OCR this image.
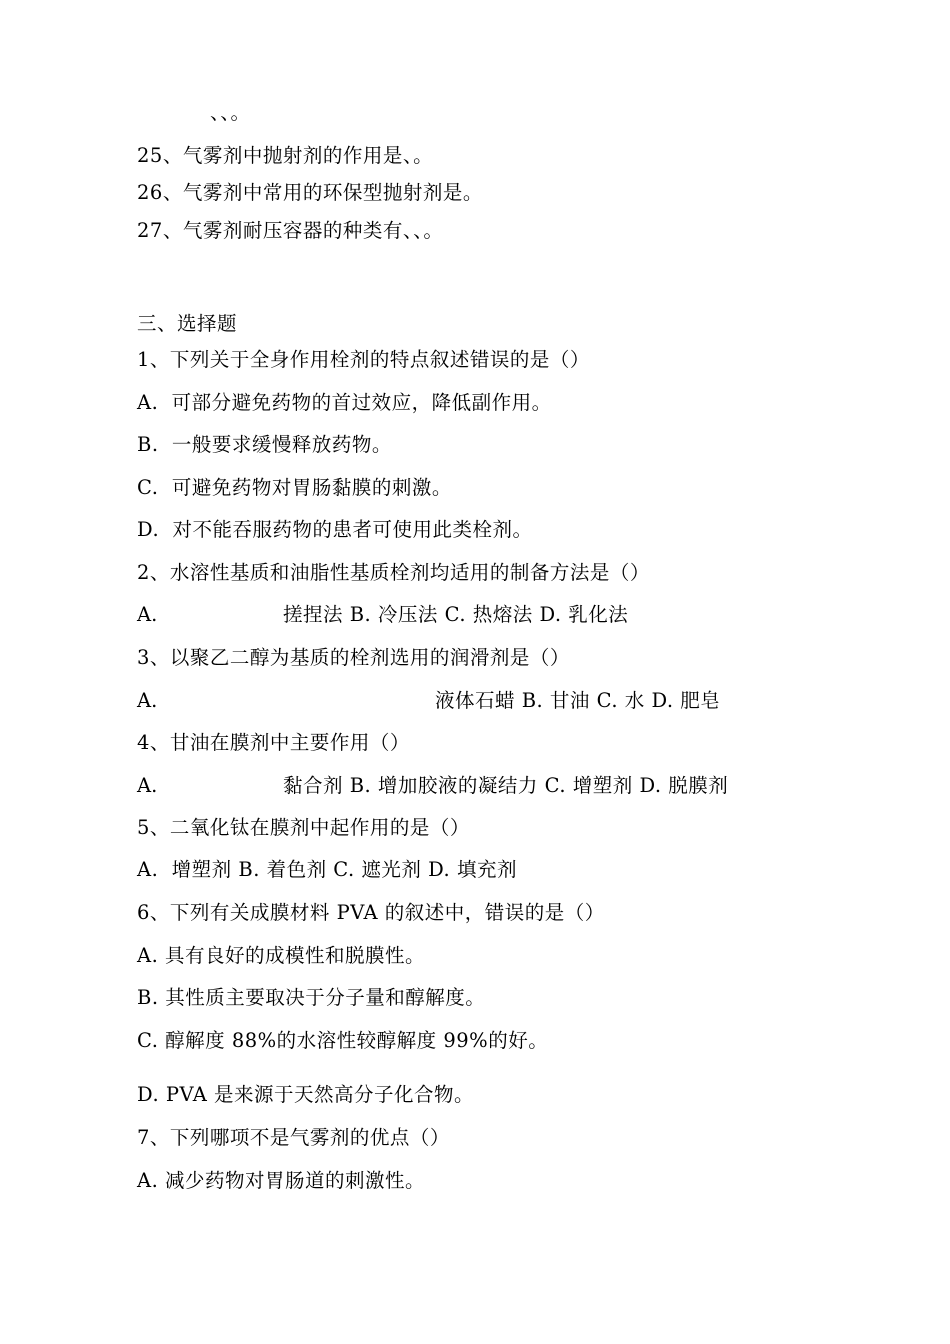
、、。
25、气雾剂中抛射剂的作用是、。
26、气雾剂中常用的环保型抛射剂是。
27、气雾剂耐压容器的种类有、、。
三、选择题
1、下列关于全身作用栓剂的特点叙述错误的是（）
A.  可部分避免药物的首过效应，降低副作用。
B.  一般要求缓慢释放药物。
C.  可避免药物对胃肠黏膜的刺激。
D.  对不能吞服药物的患者可使用此类栓剂。
2、水溶性基质和油脂性基质栓剂均适用的制备方法是（）
A.	搓捏法 B. 冷压法 C. 热熔法 D. 乳化法
3、以聚乙二醇为基质的栓剂选用的润滑剂是（）
A.	液体石蜡 B. 甘油 C. 水 D. 肥皂
4、甘油在膜剂中主要作用（）
A.	黏合剂 B. 增加胶液的凝结力 C. 增塑剂 D. 脱膜剂
5、二氧化钛在膜剂中起作用的是（）
A.  增塑剂 B. 着色剂 C. 遮光剂 D. 填充剂
6、下列有关成膜材料 PVA 的叙述中，错误的是（）
A. 具有良好的成模性和脱膜性。
B. 其性质主要取决于分子量和醇解度。
C. 醇解度 88%的水溶性较醇解度 99%的好。
D. PVA 是来源于天然高分子化合物。
7、下列哪项不是气雾剂的优点（）
A. 减少药物对胃肠道的刺激性。
